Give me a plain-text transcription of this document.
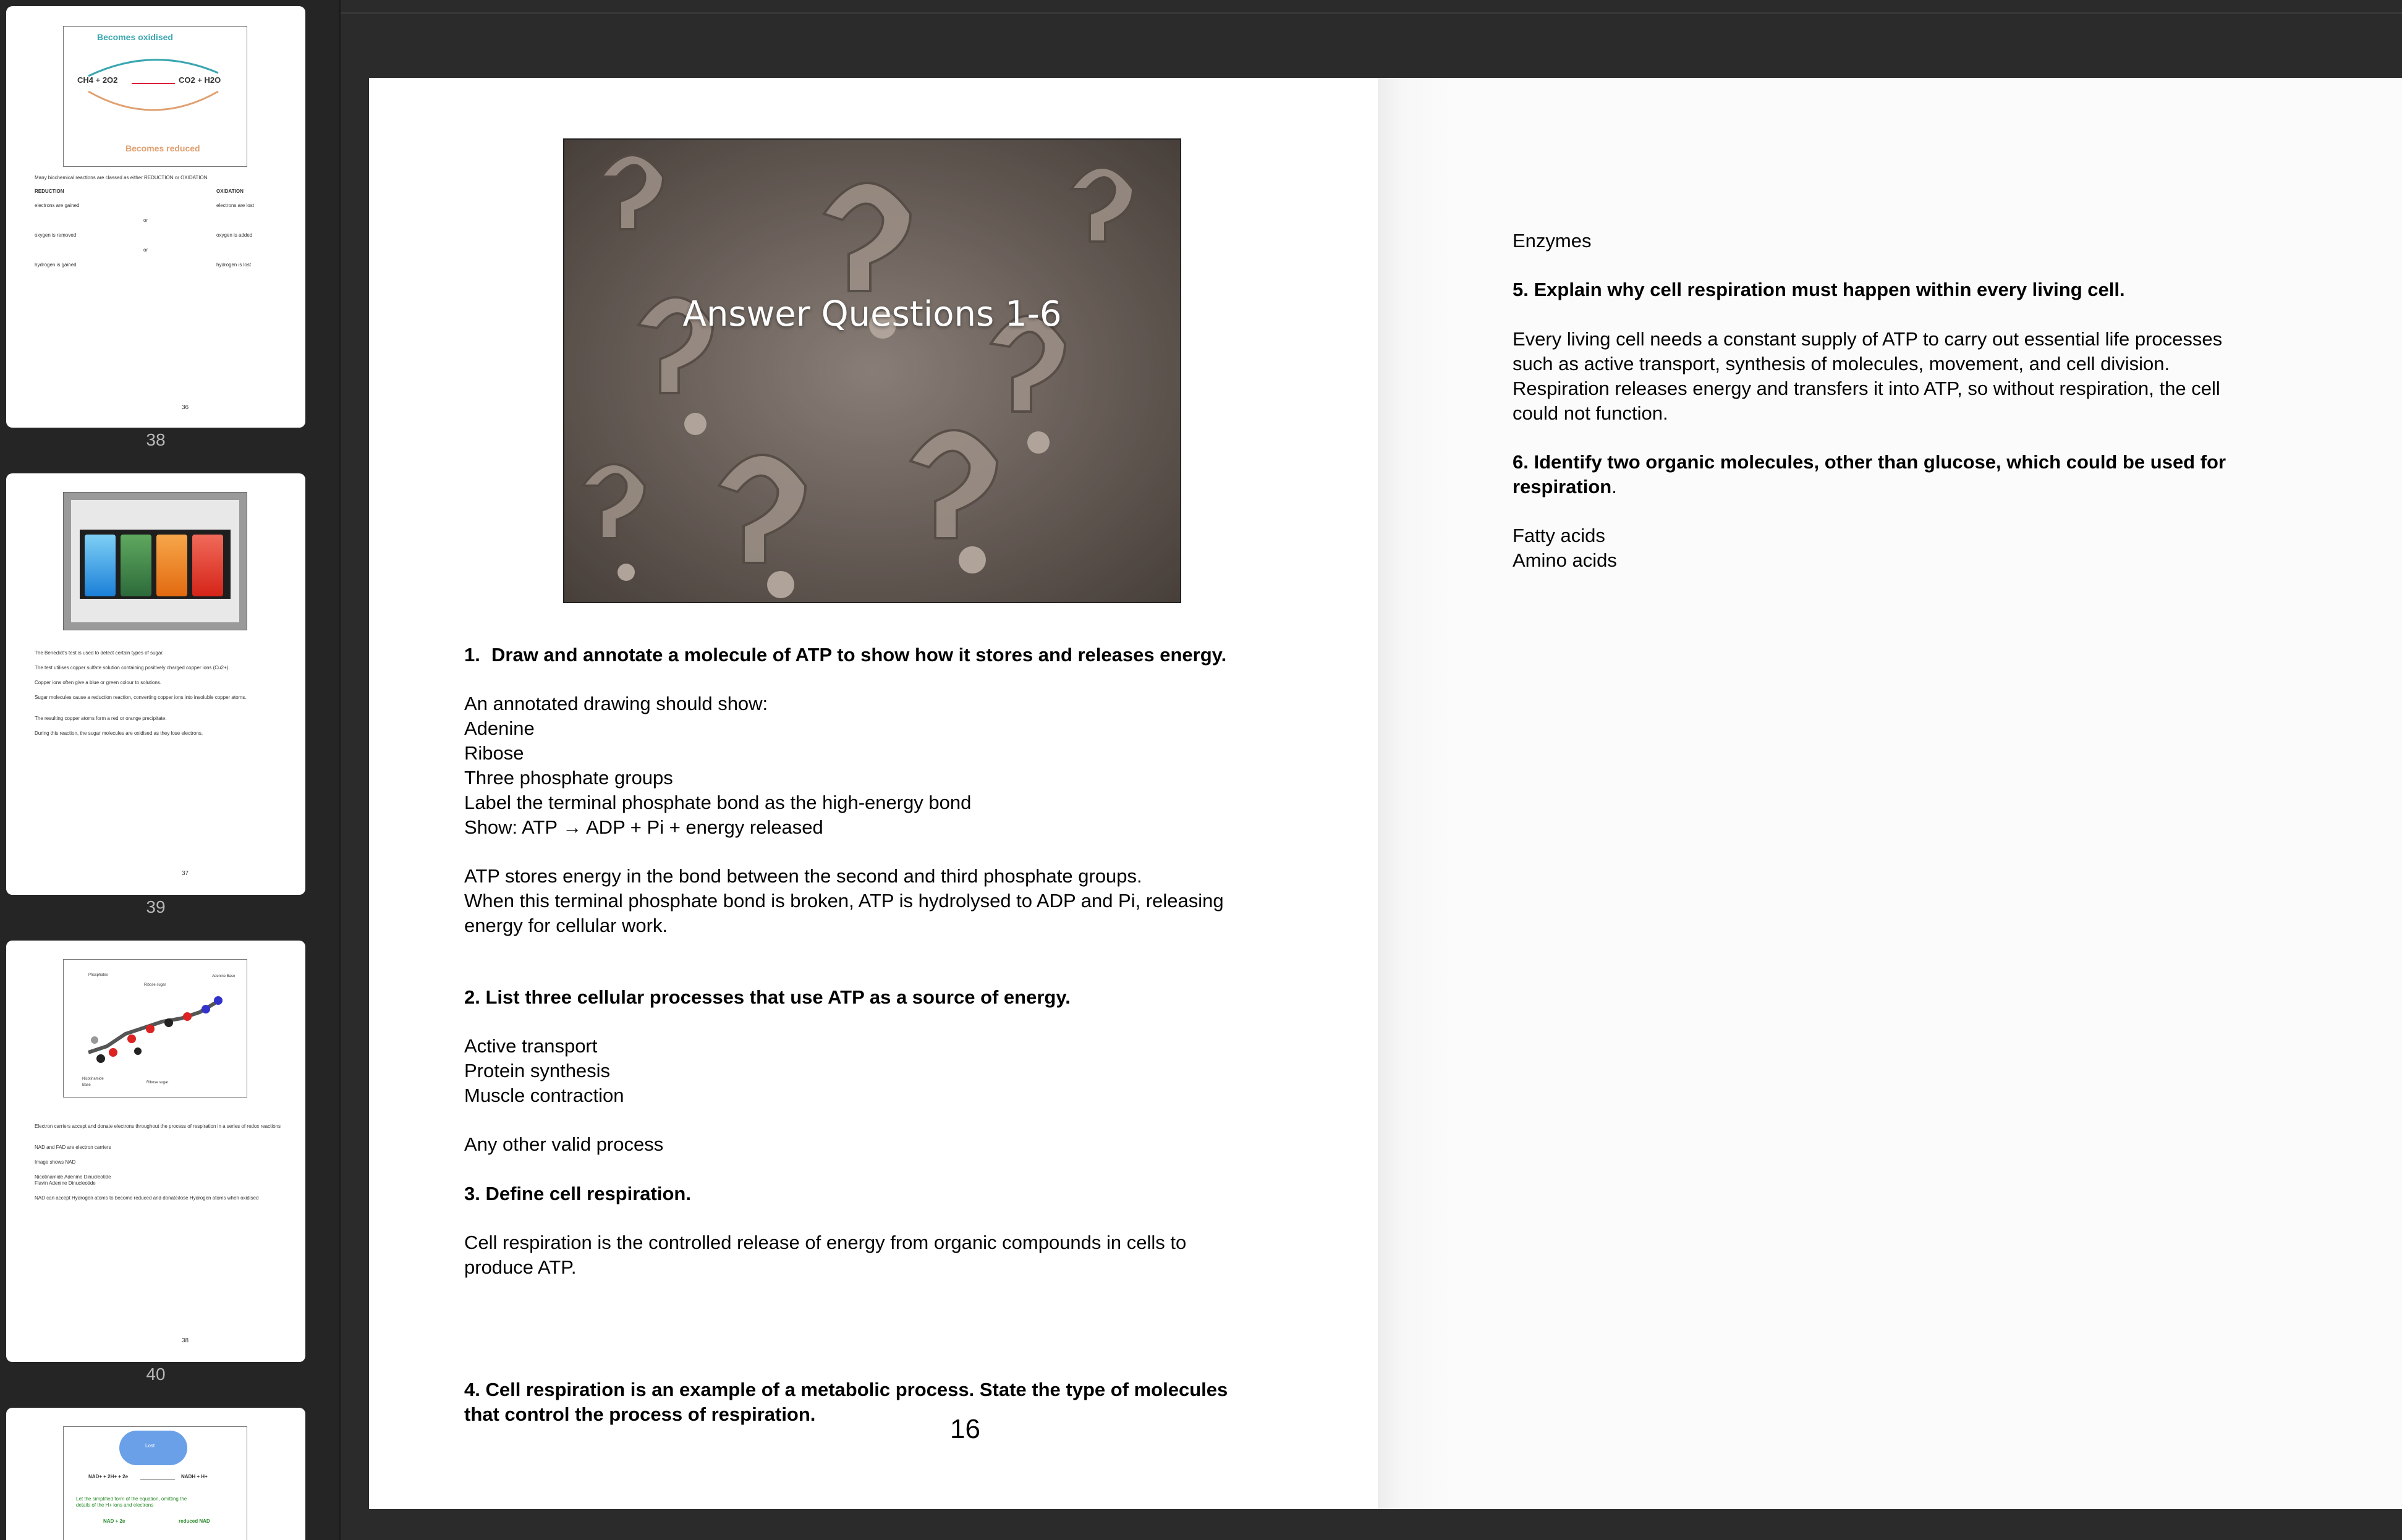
Becomes oxidised
CH4 + 2O2	CO2 + H2O
Becomes reduced
Many biochemical reactions are classed as either REDUCTION or OXIDATION
REDUCTION	OXIDATION
electrons are gained	electrons are lost
or
oxygen is removed	oxygen is added
or
hydrogen is gained	hydrogen is lost
36
38
The Benedict's test is used to detect certain types of sugar.
The test utilises copper sulfate solution containing positively charged copper ions (Cu2+).
Copper ions often give a blue or green colour to solutions.
Sugar molecules cause a reduction reaction, converting copper ions into insoluble copper atoms.
The resulting copper atoms form a red or orange precipitate.
During this reaction, the sugar molecules are oxidised as they lose electrons.
37
39
Phosphates
Ribose sugar
Adenine Base
Nicotinamide Base
Ribose sugar
Electron carriers accept and donate electrons throughout the process of respiration in a series of redox reactions
NAD and FAD are electron carriers
Image shows NAD
Nicotinamide Adenine Dinucleotide
Flavin Adenine Dinucleotide
NAD can accept Hydrogen atoms to become reduced and donate/lose Hydrogen atoms when oxidised
38
40
Lost
NAD+ + 2H+ + 2e	NADH + H+
Let the simplified form of the equation, omitting the details of the H+ ions and electrons
NAD + 2e	reduced NAD
Answer Questions 1-6
1. Draw and annotate a molecule of ATP to show how it stores and releases energy.
An annotated drawing should show:
Adenine
Ribose
Three phosphate groups
Label the terminal phosphate bond as the high-energy bond
Show: ATP → ADP + Pi + energy released
ATP stores energy in the bond between the second and third phosphate groups.
When this terminal phosphate bond is broken, ATP is hydrolysed to ADP and Pi, releasing
energy for cellular work.
2. List three cellular processes that use ATP as a source of energy.
Active transport
Protein synthesis
Muscle contraction
Any other valid process
3. Define cell respiration.
Cell respiration is the controlled release of energy from organic compounds in cells to
produce ATP.
4. Cell respiration is an example of a metabolic process. State the type of molecules
that control the process of respiration.	16
Enzymes
5. Explain why cell respiration must happen within every living cell.
Every living cell needs a constant supply of ATP to carry out essential life processes
such as active transport, synthesis of molecules, movement, and cell division.
Respiration releases energy and transfers it into ATP, so without respiration, the cell
could not function.
6. Identify two organic molecules, other than glucose, which could be used for
respiration.
Fatty acids
Amino acids
